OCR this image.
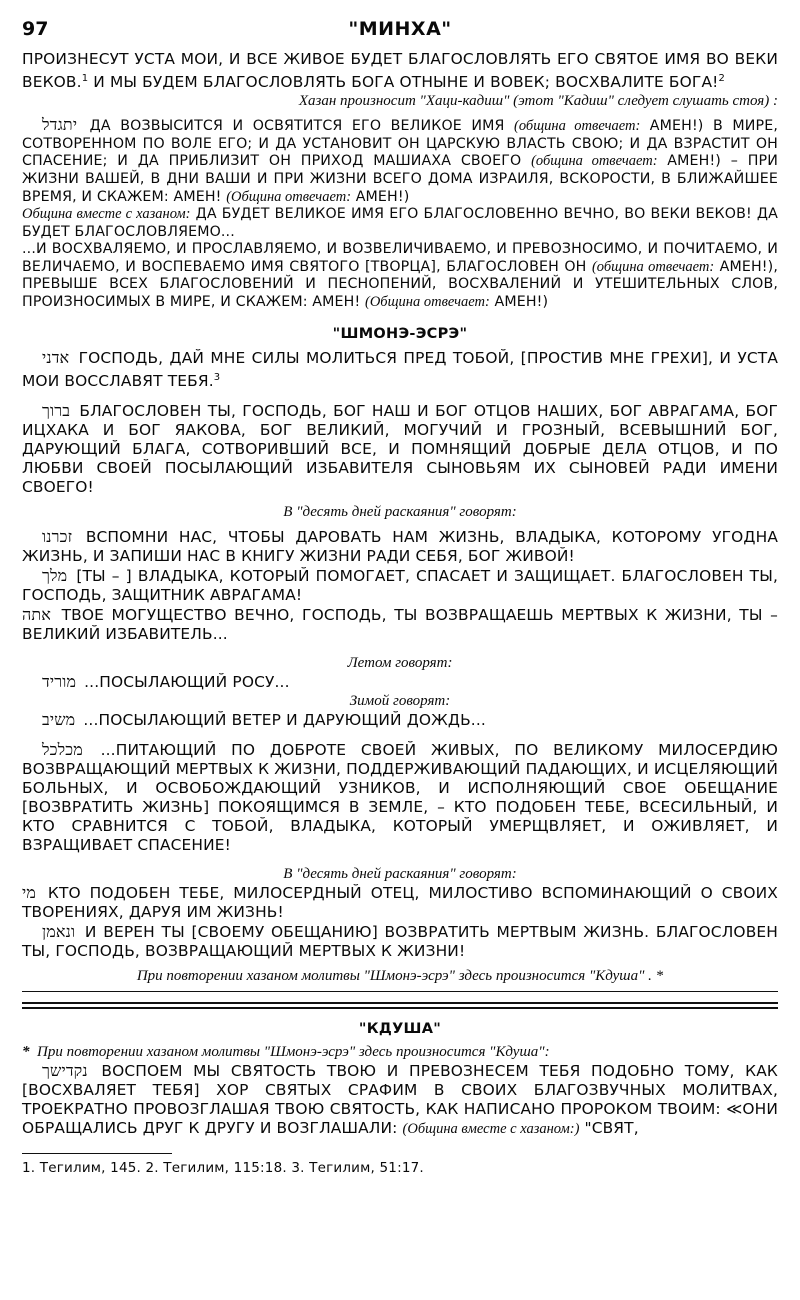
97	"МИНХА"

ПРОИЗНЕСУТ УСТА МОИ, И ВСЕ ЖИВОЕ БУДЕТ БЛАГОСЛОВЛЯТЬ ЕГО СВЯТОЕ ИМЯ ВО ВЕКИ ВЕКОВ.$^1$ И МЫ БУДЕМ БЛАГОСЛОВЛЯТЬ БОГА ОТНЫНЕ И ВОВЕК; ВОСХВАЛИТЕ БОГА!$^2$

Хазан произносит "Хаци-кадиш" (этот "Кадиш" следует слушать стоя) :

יתגדל ДА ВОЗВЫСИТСЯ И ОСВЯТИТСЯ ЕГО ВЕЛИКОЕ ИМЯ (община отвечает: АМЕН!) В МИРЕ, СОТВОРЕННОМ ПО ВОЛЕ ЕГО; И ДА УСТАНОВИТ ОН ЦАРСКУЮ ВЛАСТЬ СВОЮ; И ДА ВЗРАСТИТ ОН СПАСЕНИЕ; И ДА ПРИБЛИЗИТ ОН ПРИХОД МАШИАХА СВОЕГО (община отвечает: АМЕН!) – ПРИ ЖИЗНИ ВАШЕЙ, В ДНИ ВАШИ И ПРИ ЖИЗНИ ВСЕГО ДОМА ИЗРАИЛЯ, ВСКОРОСТИ, В БЛИЖАЙШЕЕ ВРЕМЯ, И СКАЖЕМ: АМЕН! (Община отвечает: АМЕН!)

Община вместе с хазаном: ДА БУДЕТ ВЕЛИКОЕ ИМЯ ЕГО БЛАГОСЛОВЕННО ВЕЧНО, ВО ВЕКИ ВЕКОВ! ДА БУДЕТ БЛАГОСЛОВЛЯЕМО...

...И ВОСХВАЛЯЕМО, И ПРОСЛАВЛЯЕМО, И ВОЗВЕЛИЧИВАЕМО, И ПРЕВОЗНОСИМО, И ПОЧИТАЕМО, И ВЕЛИЧАЕМО, И ВОСПЕВАЕМО ИМЯ СВЯТОГО [ТВОРЦА], БЛАГОСЛОВЕН ОН (община отвечает: АМЕН!), ПРЕВЫШЕ ВСЕХ БЛАГОСЛОВЕНИЙ И ПЕСНОПЕНИЙ, ВОСХВАЛЕНИЙ И УТЕШИТЕЛЬНЫХ СЛОВ, ПРОИЗНОСИМЫХ В МИРЕ, И СКАЖЕМ: АМЕН! (Община отвечает: АМЕН!)

"ШМОНЭ-ЭСРЭ"

אדני ГОСПОДЬ, ДАЙ МНЕ СИЛЫ МОЛИТЬСЯ ПРЕД ТОБОЙ, [ПРОСТИВ МНЕ ГРЕХИ], И УСТА МОИ ВОССЛАВЯТ ТЕБЯ.$^3$

ברוך БЛАГОСЛОВЕН ТЫ, ГОСПОДЬ, БОГ НАШ И БОГ ОТЦОВ НАШИХ, БОГ АВРАГАМА, БОГ ИЦХАКА И БОГ ЯАКОВА, БОГ ВЕЛИКИЙ, МОГУЧИЙ И ГРОЗНЫЙ, ВСЕВЫШНИЙ БОГ, ДАРУЮЩИЙ БЛАГА, СОТВОРИВШИЙ ВСЕ, И ПОМНЯЩИЙ ДОБРЫЕ ДЕЛА ОТЦОВ, И ПО ЛЮБВИ СВОЕЙ ПОСЫЛАЮЩИЙ ИЗБАВИТЕЛЯ СЫНОВЬЯМ ИХ СЫНОВЕЙ РАДИ ИМЕНИ СВОЕГО!

В "десять дней раскаяния" говорят:

זכרנו ВСПОМНИ НАС, ЧТОБЫ ДАРОВАТЬ НАМ ЖИЗНЬ, ВЛАДЫКА, КОТОРОМУ УГОДНА ЖИЗНЬ, И ЗАПИШИ НАС В КНИГУ ЖИЗНИ РАДИ СЕБЯ, БОГ ЖИВОЙ!

מלך [ТЫ – ] ВЛАДЫКА, КОТОРЫЙ ПОМОГАЕТ, СПАСАЕТ И ЗАЩИЩАЕТ. БЛАГОСЛОВЕН ТЫ, ГОСПОДЬ, ЗАЩИТНИК АВРАГАМА!

אתה ТВОЕ МОГУЩЕСТВО ВЕЧНО, ГОСПОДЬ, ТЫ ВОЗВРАЩАЕШЬ МЕРТВЫХ К ЖИЗНИ, ТЫ – ВЕЛИКИЙ ИЗБАВИТЕЛЬ...

Летом говорят:

מוריד ...ПОСЫЛАЮЩИЙ РОСУ...

Зимой говорят:

משיב ...ПОСЫЛАЮЩИЙ ВЕТЕР И ДАРУЮЩИЙ ДОЖДЬ...

מכלכל ...ПИТАЮЩИЙ ПО ДОБРОТЕ СВОЕЙ ЖИВЫХ, ПО ВЕЛИКОМУ МИЛОСЕРДИЮ ВОЗВРАЩАЮЩИЙ МЕРТВЫХ К ЖИЗНИ, ПОДДЕРЖИВАЮЩИЙ ПАДАЮЩИХ, И ИСЦЕЛЯЮЩИЙ БОЛЬНЫХ, И ОСВОБОЖДАЮЩИЙ УЗНИКОВ, И ИСПОЛНЯЮЩИЙ СВОЕ ОБЕЩАНИЕ [ВОЗВРАТИТЬ ЖИЗНЬ] ПОКОЯЩИМСЯ В ЗЕМЛЕ, – КТО ПОДОБЕН ТЕБЕ, ВСЕСИЛЬНЫЙ, И КТО СРАВНИТСЯ С ТОБОЙ, ВЛАДЫКА, КОТОРЫЙ УМЕРЩВЛЯЕТ, И ОЖИВЛЯЕТ, И ВЗРАЩИВАЕТ СПАСЕНИЕ!

В "десять дней раскаяния" говорят:

מי КТО ПОДОБЕН ТЕБЕ, МИЛОСЕРДНЫЙ ОТЕЦ, МИЛОСТИВО ВСПОМИНАЮЩИЙ О СВОИХ ТВОРЕНИЯХ, ДАРУЯ ИМ ЖИЗНЬ!

ונאמן И ВЕРЕН ТЫ [СВОЕМУ ОБЕЩАНИЮ] ВОЗВРАТИТЬ МЕРТВЫМ ЖИЗНЬ. БЛАГОСЛОВЕН ТЫ, ГОСПОДЬ, ВОЗВРАЩАЮЩИЙ МЕРТВЫХ К ЖИЗНИ!

При повторении хазаном молитвы "Шмонэ-эсрэ" здесь произносится "Кдуша" . *

"КДУША"

* При повторении хазаном молитвы "Шмонэ-эсрэ" здесь произносится "Кдуша":

נקדישך ВОСПОЕМ МЫ СВЯТОСТЬ ТВОЮ И ПРЕВОЗНЕСЕМ ТЕБЯ ПОДОБНО ТОМУ, КАК [ВОСХВАЛЯЕТ ТЕБЯ] ХОР СВЯТЫХ СРАФИМ В СВОИХ БЛАГОЗВУЧНЫХ МОЛИТВАХ, ТРОЕКРАТНО ПРОВОЗГЛАШАЯ ТВОЮ СВЯТОСТЬ, КАК НАПИСАНО ПРОРОКОМ ТВОИМ: ≪ОНИ ОБРАЩАЛИСЬ ДРУГ К ДРУГУ И ВОЗГЛАШАЛИ: (Община вместе с хазаном:) "СВЯТ,

1. Тегилим, 145. 2. Тегилим, 115:18. 3. Тегилим, 51:17.
